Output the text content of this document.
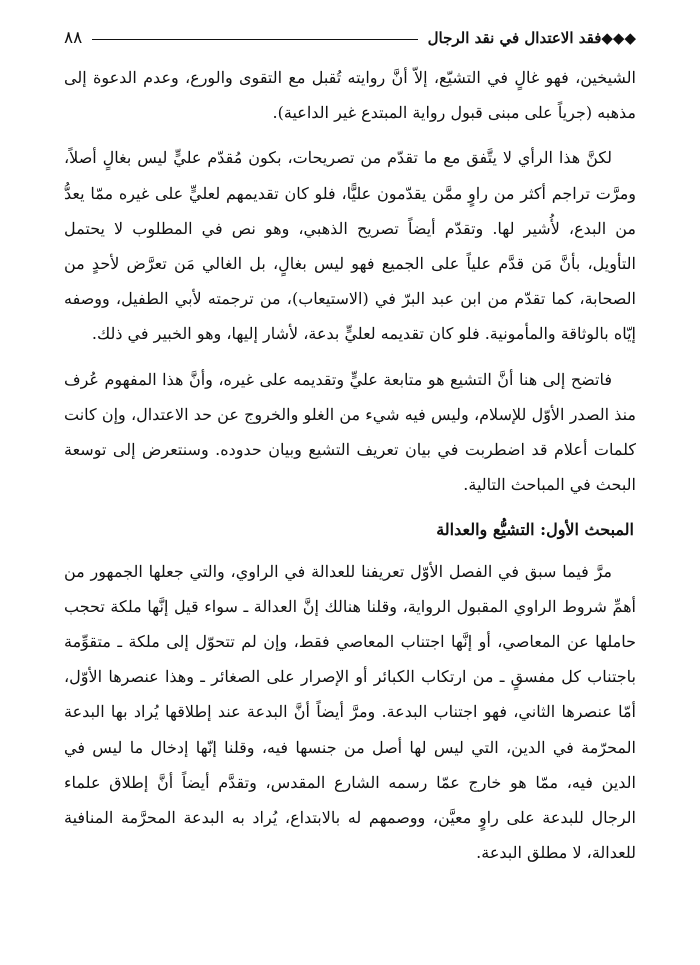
◆◆◆فقد الاعتدال في نقد الرجال
٨٨

الشيخين، فهو غالٍ في التشيّع، إلاّ أنَّ روايته تُقبل مع التقوى والورع، وعدم الدعوة إلى مذهبه (جرياً على مبنى قبول رواية المبتدع غير الداعية).

لكنَّ هذا الرأي لا يتَّفق مع ما تقدّم من تصريحات، بكون مُقدّم عليٍّ ليس بغالٍ أصلاً، ومرَّت تراجم أكثر من راوٍ ممَّن يقدّمون عليًّا، فلو كان تقديمهم لعليٍّ على غيره ممّا يعدُّ من البدع، لأُشير لها. وتقدّم أيضاً تصريح الذهبي، وهو نص في المطلوب لا يحتمل التأويل، بأنَّ مَن قدَّم علياً على الجميع فهو ليس بغالٍ، بل الغالي مَن تعرَّض لأحدٍ من الصحابة، كما تقدّم من ابن عبد البرّ في (الاستيعاب)، من ترجمته لأبي الطفيل، ووصفه إيّاه بالوثاقة والمأمونية. فلو كان تقديمه لعليٍّ بدعة، لأشار إليها، وهو الخبير في ذلك.

فاتضح إلى هنا أنَّ التشيع هو متابعة عليٍّ وتقديمه على غيره، وأنَّ هذا المفهوم عُرف منذ الصدر الأوّل للإسلام، وليس فيه شيء من الغلو والخروج عن حد الاعتدال، وإن كانت كلمات أعلام قد اضطربت في بيان تعريف التشيع وبيان حدوده. وسنتعرض إلى توسعة البحث في المباحث التالية.

المبحث الأول: التشيُّع والعدالة

مرَّ فيما سبق في الفصل الأوّل تعريفنا للعدالة في الراوي، والتي جعلها الجمهور من أهمِّ شروط الراوي المقبول الرواية، وقلنا هنالك إنَّ العدالة ـ سواء قيل إنَّها ملكة تحجب حاملها عن المعاصي، أو إنَّها اجتناب المعاصي فقط، وإن لم تتحوّل إلى ملكة ـ متقوِّمة باجتناب كل مفسقٍ ـ من ارتكاب الكبائر أو الإصرار على الصغائر ـ وهذا عنصرها الأوّل، أمّا عنصرها الثاني، فهو اجتناب البدعة. ومرَّ أيضاً أنَّ البدعة عند إطلاقها يُراد بها البدعة المحرّمة في الدين، التي ليس لها أصل من جنسها فيه، وقلنا إنّها إدخال ما ليس في الدين فيه، ممّا هو خارج عمّا رسمه الشارع المقدس، وتقدَّم أيضاً أنَّ إطلاق علماء الرجال للبدعة على راوٍ معيَّن، ووصمهم له بالابتداع، يُراد به البدعة المحرَّمة المنافية للعدالة، لا مطلق البدعة.
